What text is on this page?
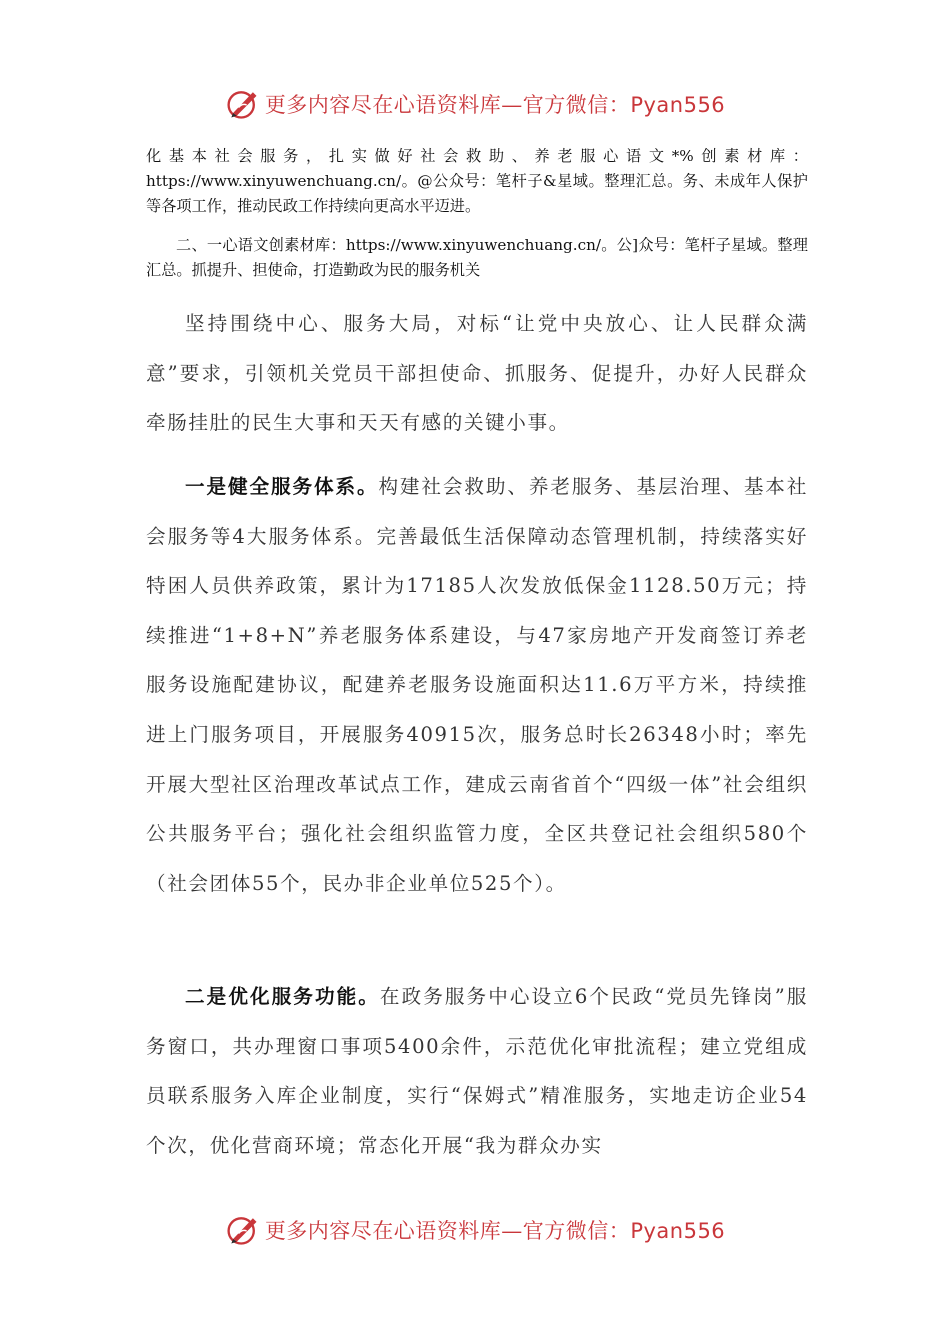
更多内容尽在心语资料库—官方微信：Pyan556
化基本社会服务，扎实做好社会救助、养老服心语文*%创素材库：https://www.xinyuwenchuang.cn/。@公众号：笔杆子&星域。整理汇总。务、未成年人保护等各项工作，推动民政工作持续向更高水平迈进。
二、一心语文创素材库：https://www.xinyuwenchuang.cn/。公]众号：笔杆子星域。整理汇总。抓提升、担使命，打造勤政为民的服务机关
坚持围绕中心、服务大局，对标“让党中央放心、让人民群众满意”要求，引领机关党员干部担使命、抓服务、促提升，办好人民群众牵肠挂肚的民生大事和天天有感的关键小事。
一是健全服务体系。构建社会救助、养老服务、基层治理、基本社会服务等4大服务体系。完善最低生活保障动态管理机制，持续落实好特困人员供养政策，累计为17185人次发放低保金1128.50万元；持续推进“1+8+N”养老服务体系建设，与47家房地产开发商签订养老服务设施配建协议，配建养老服务设施面积达11.6万平方米，持续推进上门服务项目，开展服务40915次，服务总时长26348小时；率先开展大型社区治理改革试点工作，建成云南省首个“四级一体”社会组织公共服务平台；强化社会组织监管力度，全区共登记社会组织580个（社会团体55个，民办非企业单位525个）。
二是优化服务功能。在政务服务中心设立6个民政“党员先锋岗”服务窗口，共办理窗口事项5400余件，示范优化审批流程；建立党组成员联系服务入库企业制度，实行“保姆式”精准服务，实地走访企业54个次，优化营商环境；常态化开展“我为群众办实
更多内容尽在心语资料库—官方微信：Pyan556
